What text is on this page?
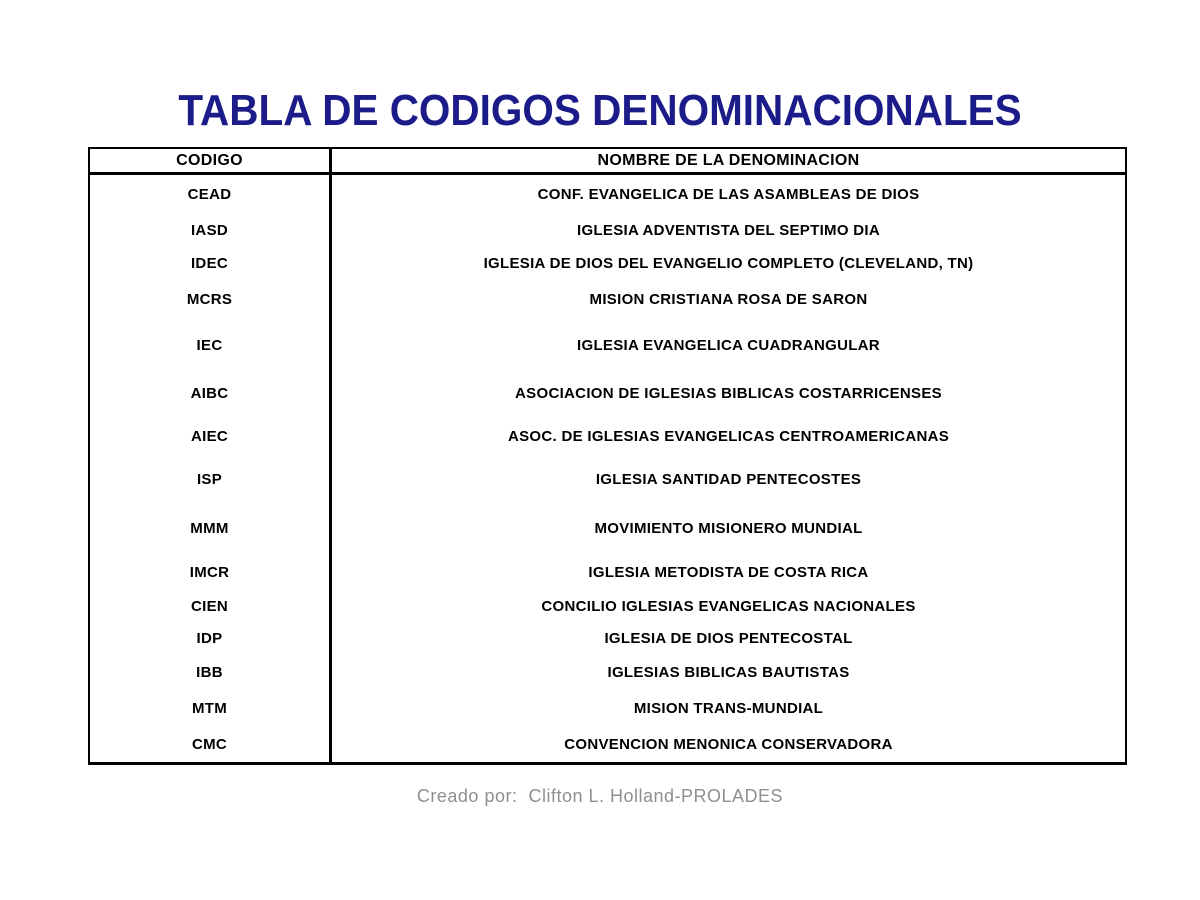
TABLA DE CODIGOS DENOMINACIONALES
CODIGO	NOMBRE DE LA DENOMINACION
CEAD	CONF. EVANGELICA DE LAS ASAMBLEAS DE DIOS
IASD	IGLESIA ADVENTISTA DEL SEPTIMO DIA
IDEC	IGLESIA DE DIOS DEL EVANGELIO COMPLETO (CLEVELAND, TN)
MCRS	MISION CRISTIANA ROSA DE SARON
IEC	IGLESIA EVANGELICA CUADRANGULAR
AIBC	ASOCIACION DE IGLESIAS BIBLICAS COSTARRICENSES
AIEC	ASOC. DE IGLESIAS EVANGELICAS CENTROAMERICANAS
ISP	IGLESIA SANTIDAD PENTECOSTES
MMM	MOVIMIENTO MISIONERO MUNDIAL
IMCR	IGLESIA METODISTA DE COSTA RICA
CIEN	CONCILIO IGLESIAS EVANGELICAS NACIONALES
IDP	IGLESIA DE DIOS PENTECOSTAL
IBB	IGLESIAS BIBLICAS BAUTISTAS
MTM	MISION TRANS-MUNDIAL
CMC	CONVENCION MENONICA CONSERVADORA
Creado por:  Clifton L. Holland-PROLADES
